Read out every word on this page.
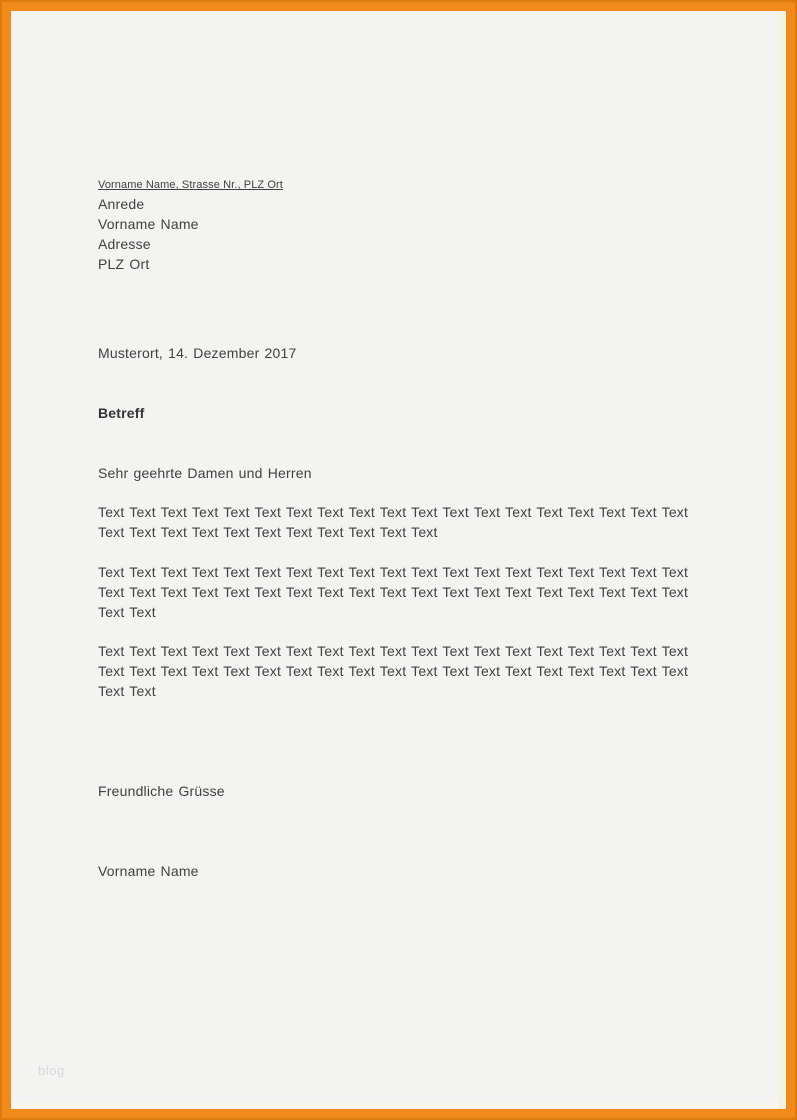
Vorname Name, Strasse Nr., PLZ Ort
Anrede
Vorname Name
Adresse
PLZ Ort
Musterort, 14. Dezember 2017
Betreff
Sehr geehrte Damen und Herren
Text Text Text Text Text Text Text Text Text Text Text Text Text Text Text Text Text Text Text
Text Text Text Text Text Text Text Text Text Text Text
Text Text Text Text Text Text Text Text Text Text Text Text Text Text Text Text Text Text Text
Text Text Text Text Text Text Text Text Text Text Text Text Text Text Text Text Text Text Text
Text Text
Text Text Text Text Text Text Text Text Text Text Text Text Text Text Text Text Text Text Text
Text Text Text Text Text Text Text Text Text Text Text Text Text Text Text Text Text Text Text
Text Text
Freundliche Grüsse
Vorname Name
blog
